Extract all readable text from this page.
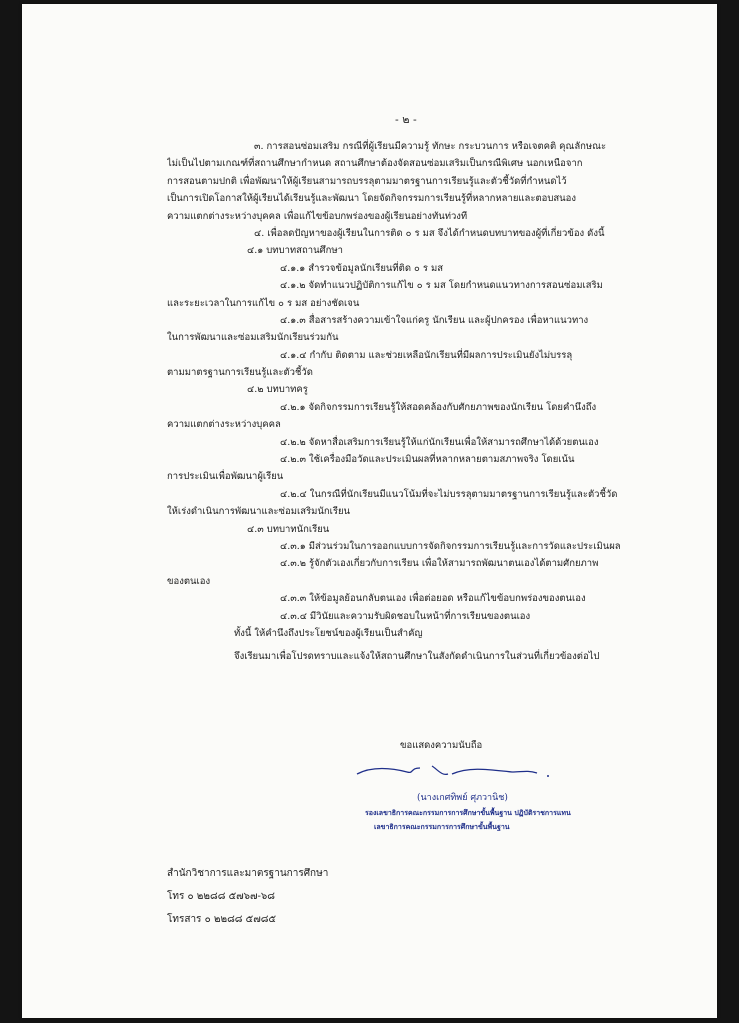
- ๒ -
๓. การสอนซ่อมเสริม กรณีที่ผู้เรียนมีความรู้ ทักษะ กระบวนการ หรือเจตคติ คุณลักษณะ
ไม่เป็นไปตามเกณฑ์ที่สถานศึกษากำหนด สถานศึกษาต้องจัดสอนซ่อมเสริมเป็นกรณีพิเศษ นอกเหนือจาก
การสอนตามปกติ เพื่อพัฒนาให้ผู้เรียนสามารถบรรลุตามมาตรฐานการเรียนรู้และตัวชี้วัดที่กำหนดไว้
เป็นการเปิดโอกาสให้ผู้เรียนได้เรียนรู้และพัฒนา โดยจัดกิจกรรมการเรียนรู้ที่หลากหลายและตอบสนอง
ความแตกต่างระหว่างบุคคล เพื่อแก้ไขข้อบกพร่องของผู้เรียนอย่างทันท่วงที
๔. เพื่อลดปัญหาของผู้เรียนในการติด ๐ ร มส จึงได้กำหนดบทบาทของผู้ที่เกี่ยวข้อง ดังนี้
๔.๑ บทบาทสถานศึกษา
๔.๑.๑ สำรวจข้อมูลนักเรียนที่ติด ๐ ร มส
๔.๑.๒ จัดทำแนวปฏิบัติการแก้ไข ๐ ร มส โดยกำหนดแนวทางการสอนซ่อมเสริม
และระยะเวลาในการแก้ไข ๐ ร มส อย่างชัดเจน
๔.๑.๓ สื่อสารสร้างความเข้าใจแก่ครู นักเรียน และผู้ปกครอง เพื่อหาแนวทาง
ในการพัฒนาและซ่อมเสริมนักเรียนร่วมกัน
๔.๑.๔ กำกับ ติดตาม และช่วยเหลือนักเรียนที่มีผลการประเมินยังไม่บรรลุ
ตามมาตรฐานการเรียนรู้และตัวชี้วัด
๔.๒ บทบาทครู
๔.๒.๑ จัดกิจกรรมการเรียนรู้ให้สอดคล้องกับศักยภาพของนักเรียน โดยคำนึงถึง
ความแตกต่างระหว่างบุคคล
๔.๒.๒ จัดหาสื่อเสริมการเรียนรู้ให้แก่นักเรียนเพื่อให้สามารถศึกษาได้ด้วยตนเอง
๔.๒.๓ ใช้เครื่องมือวัดและประเมินผลที่หลากหลายตามสภาพจริง โดยเน้น
การประเมินเพื่อพัฒนาผู้เรียน
๔.๒.๔ ในกรณีที่นักเรียนมีแนวโน้มที่จะไม่บรรลุตามมาตรฐานการเรียนรู้และตัวชี้วัด
ให้เร่งดำเนินการพัฒนาและซ่อมเสริมนักเรียน
๔.๓ บทบาทนักเรียน
๔.๓.๑ มีส่วนร่วมในการออกแบบการจัดกิจกรรมการเรียนรู้และการวัดและประเมินผล
๔.๓.๒ รู้จักตัวเองเกี่ยวกับการเรียน เพื่อให้สามารถพัฒนาตนเองได้ตามศักยภาพ
ของตนเอง
๔.๓.๓ ให้ข้อมูลย้อนกลับตนเอง เพื่อต่อยอด หรือแก้ไขข้อบกพร่องของตนเอง
๔.๓.๔ มีวินัยและความรับผิดชอบในหน้าที่การเรียนของตนเอง
ทั้งนี้ ให้คำนึงถึงประโยชน์ของผู้เรียนเป็นสำคัญ
จึงเรียนมาเพื่อโปรดทราบและแจ้งให้สถานศึกษาในสังกัดดำเนินการในส่วนที่เกี่ยวข้องต่อไป
ขอแสดงความนับถือ
(นางเกศทิพย์ ศุภวานิช)
รองเลขาธิการคณะกรรมการการศึกษาขั้นพื้นฐาน ปฏิบัติราชการแทน
เลขาธิการคณะกรรมการการศึกษาขั้นพื้นฐาน
สำนักวิชาการและมาตรฐานการศึกษา
โทร ๐ ๒๒๘๘ ๕๗๖๗-๖๘
โทรสาร ๐ ๒๒๘๘ ๕๗๘๕
